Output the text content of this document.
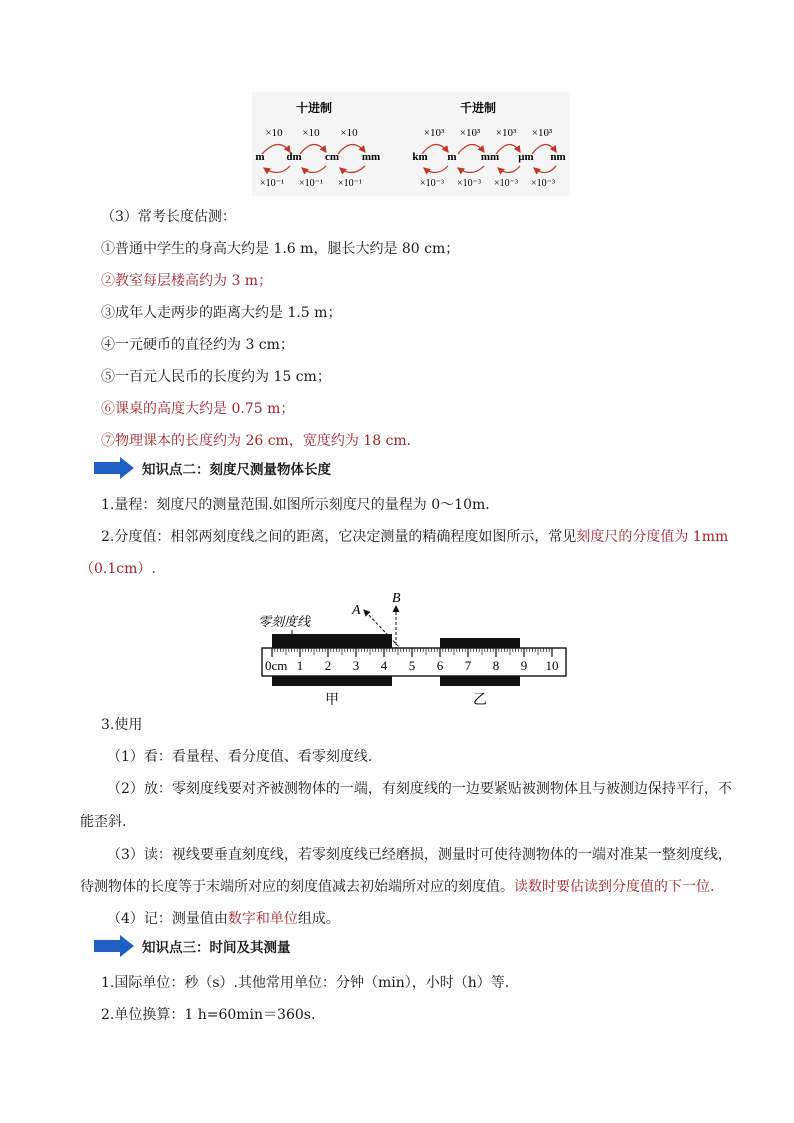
十进制	千进制
×10 ×10 ×10
m dm cm mm
×10⁻¹ ×10⁻¹ ×10⁻¹
×10³ ×10³ ×10³ ×10³
km m mm μm nm
×10⁻³ ×10⁻³ ×10⁻³ ×10⁻³

（3）常考长度估测：

①普通中学生的身高大约是 1.6 m，腿长大约是 80 cm；

②教室每层楼高约为 3 m；

③成年人走两步的距离大约是 1.5 m；

④一元硬币的直径约为 3 cm；

⑤一百元人民币的长度约为 15 cm；

⑥课桌的高度大约是 0.75 m；

⑦物理课本的长度约为 26 cm，宽度约为 18 cm.

知识点二：刻度尺测量物体长度

1.量程：刻度尺的测量范围.如图所示刻度尺的量程为 0～10m.

2.分度值：相邻两刻度线之间的距离，它决定测量的精确程度如图所示，常见刻度尺的分度值为 1mm

（0.1cm）.

零刻度线
A
B
0cm 1 2 3 4 5 6 7 8 9 10
甲	乙

3.使用

（1）看：看量程、看分度值、看零刻度线.

（2）放：零刻度线要对齐被测物体的一端，有刻度线的一边要紧贴被测物体且与被测边保持平行，不

能歪斜.

（3）读：视线要垂直刻度线，若零刻度线已经磨损，测量时可使待测物体的一端对准某一整刻度线，

待测物体的长度等于末端所对应的刻度值减去初始端所对应的刻度值。读数时要估读到分度值的下一位.

（4）记：测量值由数字和单位组成。

知识点三：时间及其测量

1.国际单位：秒（s）.其他常用单位：分钟（min），小时（h）等.

2.单位换算：1 h=60min＝360s.
